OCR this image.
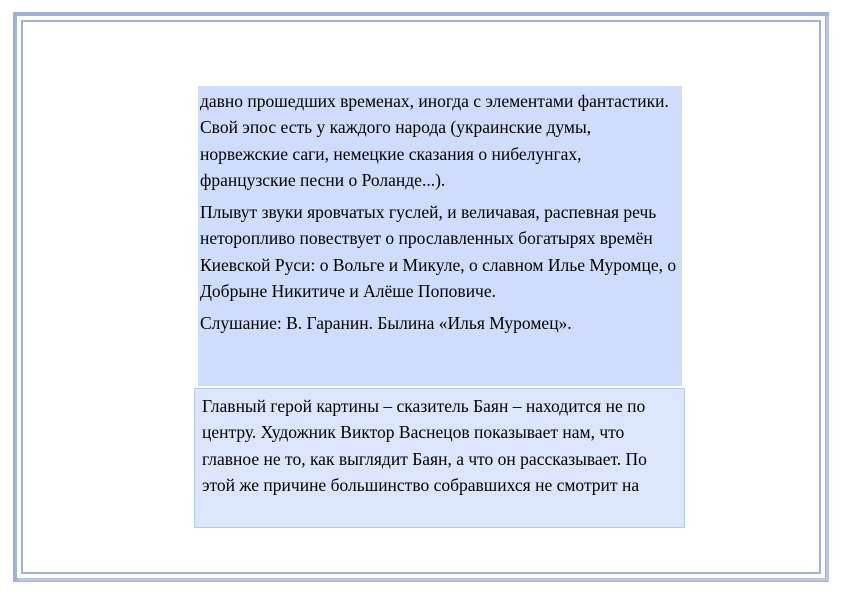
давно прошедших временах, иногда с элементами фантастики. Свой эпос есть у каждого народа (украинские думы, норвежские саги, немецкие сказания о нибелунгах, французские песни о Роланде...).

Плывут звуки яровчатых гуслей, и величавая, распевная речь неторопливо повествует о прославленных богатырях времён Киевской Руси: о Вольге и Микуле, о славном Илье Муромце, о Добрыне Никитиче и Алёше Поповиче.

Слушание: В. Гаранин. Былина «Илья Муромец».

Главный герой картины – сказитель Баян – находится не по центру. Художник Виктор Васнецов показывает нам, что главное не то, как выглядит Баян, а что он рассказывает. По этой же причине большинство собравшихся не смотрит на
